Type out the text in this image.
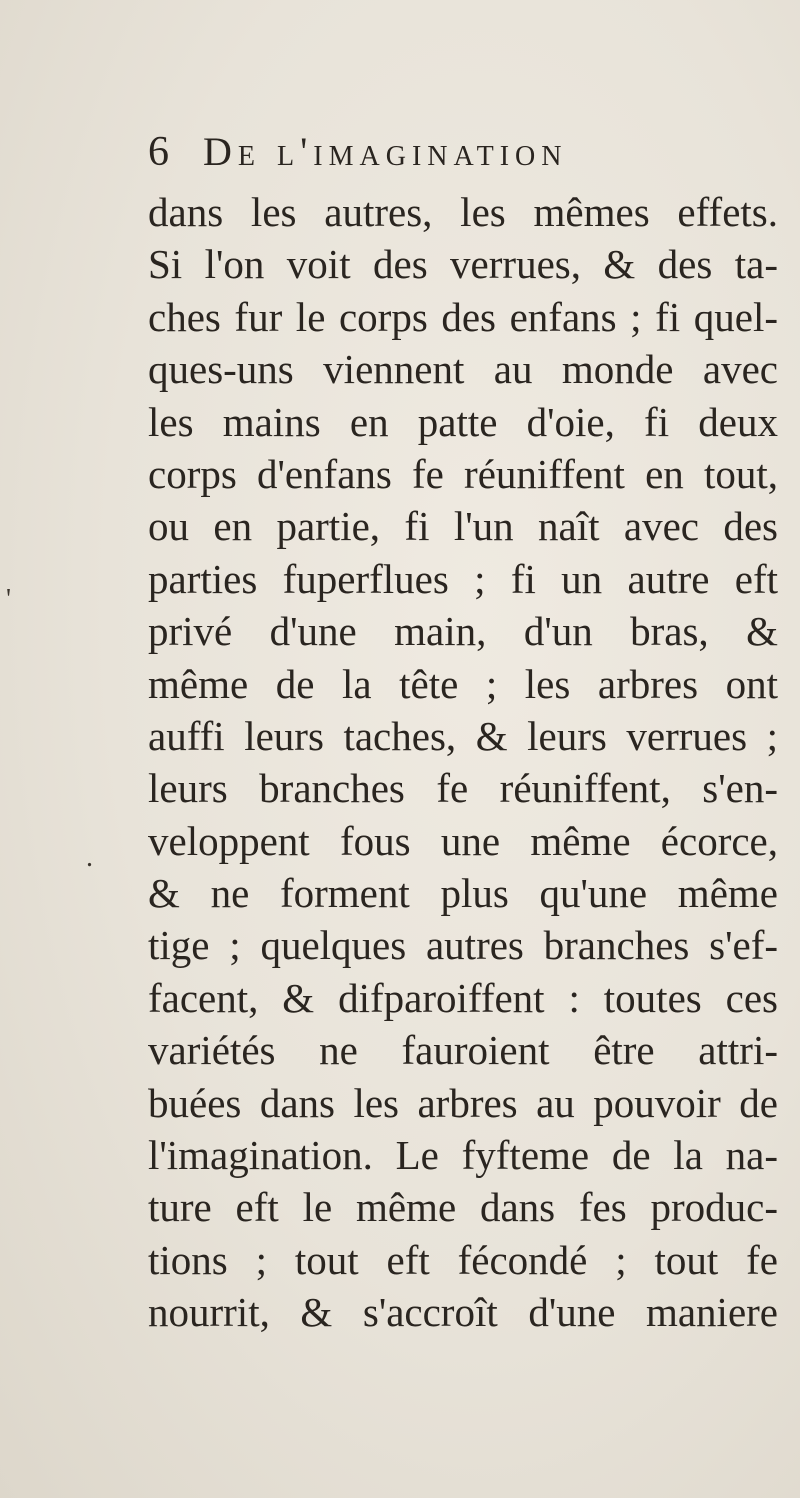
6 De l'imagination
dans les autres, les mêmes effets.
Si l'on voit des verrues, & des ta-
ches fur le corps des enfans ; fi quel-
ques-uns viennent au monde avec
les mains en patte d'oie, fi deux
corps d'enfans fe réuniffent en tout,
ou en partie, fi l'un naît avec des
parties fuperflues ; fi un autre eft
privé d'une main, d'un bras, &
même de la tête ; les arbres ont
auffi leurs taches, & leurs verrues ;
leurs branches fe réuniffent, s'en-
veloppent fous une même écorce,
& ne forment plus qu'une même
tige ; quelques autres branches s'ef-
facent, & difparoiffent : toutes ces
variétés ne fauroient être attri-
buées dans les arbres au pouvoir de
l'imagination. Le fyfteme de la na-
ture eft le même dans fes produc-
tions ; tout eft fécondé ; tout fe
nourrit, & s'accroît d'une maniere
'
.
